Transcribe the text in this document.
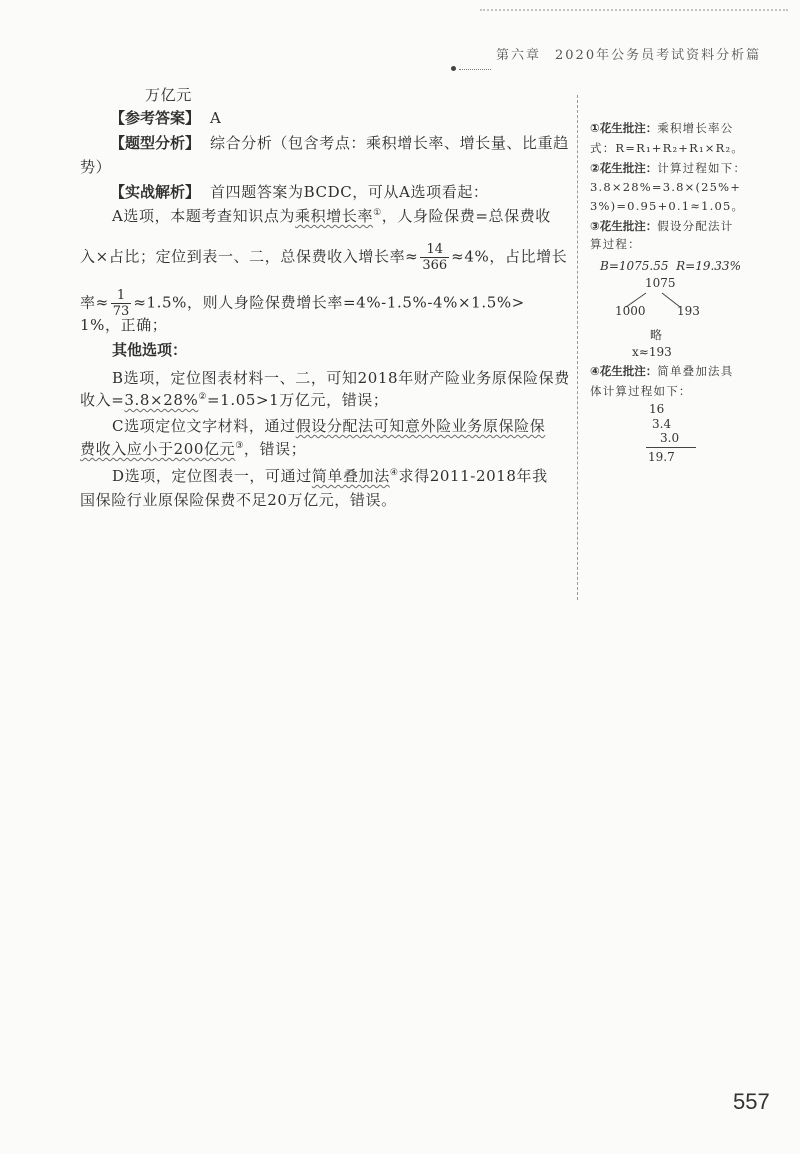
第六章 2020年公务员考试资料分析篇
万亿元
【参考答案】 A
【题型分析】 综合分析（包含考点：乘积增长率、增长量、比重趋
势）
【实战解析】 首四题答案为BCDC，可从A选项看起：
A选项，本题考查知识点为乘积增长率①，人身险保费=总保费收
入×占比；定位到表一、二，总保费收入增长率≈ $\frac{14}{366} \approx 4\%$，占比增长
率≈ $\frac{1}{73} \approx 1.5\%$，则人身险保费增长率=4%-1.5%-4%×1.5%>
1%，正确；
其他选项：
B选项，定位图表材料一、二，可知2018年财产险业务原保险保费
收入=3.8×28%②=1.05>1万亿元，错误；
C选项定位文字材料，通过假设分配法可知意外险业务原保险保
费收入应小于200亿元③，错误；
D选项，定位图表一，可通过简单叠加法④求得2011-2018年我
国保险行业原保险保费不足20万亿元，错误。
①花生批注：乘积增长率公
式：R=R₁+R₂+R₁×R₂。
②花生批注：计算过程如下：
3.8×28%=3.8×(25%+
3%)=0.95+0.1≈1.05。
③花生批注：假设分配法计
算过程：
B=1075.55  R=19.33%
1075
1000	193
略
x≈193
④花生批注：简单叠加法具
体计算过程如下：
16
3.4
3.0
19.7
557
